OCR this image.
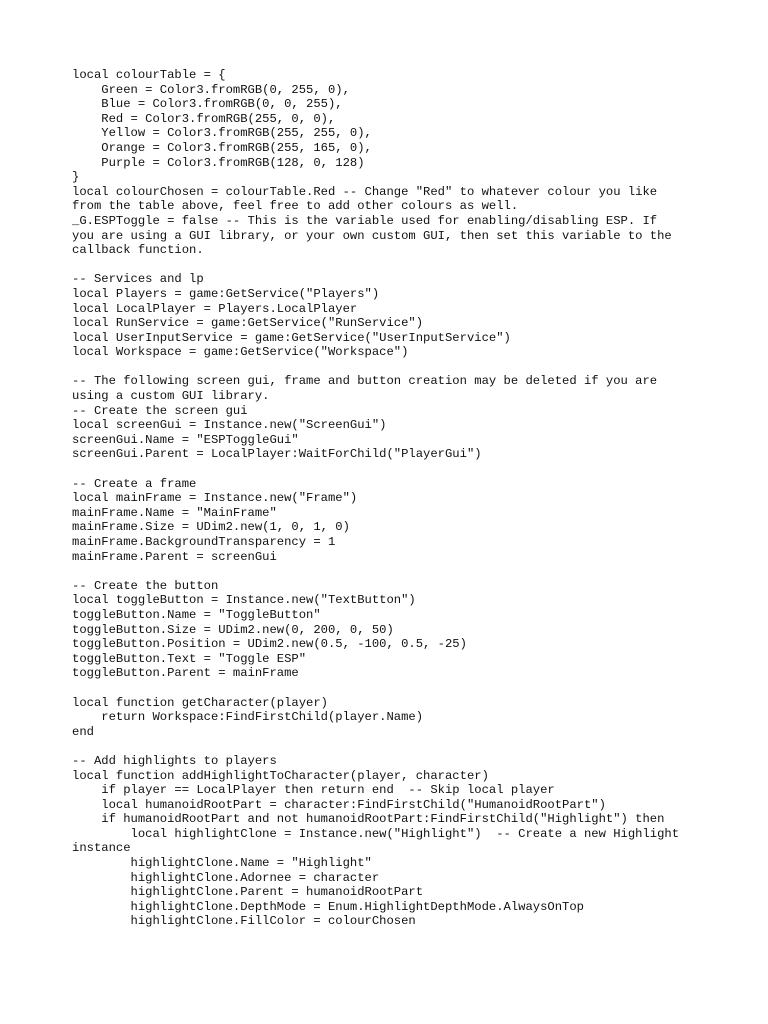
local colourTable = {
Green = Color3.fromRGB(0, 255, 0),
Blue = Color3.fromRGB(0, 0, 255),
Red = Color3.fromRGB(255, 0, 0),
Yellow = Color3.fromRGB(255, 255, 0),
Orange = Color3.fromRGB(255, 165, 0),
Purple = Color3.fromRGB(128, 0, 128)
}
local colourChosen = colourTable.Red -- Change "Red" to whatever colour you like
from the table above, feel free to add other colours as well.
_G.ESPToggle = false -- This is the variable used for enabling/disabling ESP. If
you are using a GUI library, or your own custom GUI, then set this variable to the
callback function.
-- Services and lp
local Players = game:GetService("Players")
local LocalPlayer = Players.LocalPlayer
local RunService = game:GetService("RunService")
local UserInputService = game:GetService("UserInputService")
local Workspace = game:GetService("Workspace")
-- The following screen gui, frame and button creation may be deleted if you are
using a custom GUI library.
-- Create the screen gui
local screenGui = Instance.new("ScreenGui")
screenGui.Name = "ESPToggleGui"
screenGui.Parent = LocalPlayer:WaitForChild("PlayerGui")
-- Create a frame
local mainFrame = Instance.new("Frame")
mainFrame.Name = "MainFrame"
mainFrame.Size = UDim2.new(1, 0, 1, 0)
mainFrame.BackgroundTransparency = 1
mainFrame.Parent = screenGui
-- Create the button
local toggleButton = Instance.new("TextButton")
toggleButton.Name = "ToggleButton"
toggleButton.Size = UDim2.new(0, 200, 0, 50)
toggleButton.Position = UDim2.new(0.5, -100, 0.5, -25)
toggleButton.Text = "Toggle ESP"
toggleButton.Parent = mainFrame
local function getCharacter(player)
return Workspace:FindFirstChild(player.Name)
end
-- Add highlights to players
local function addHighlightToCharacter(player, character)
if player == LocalPlayer then return end  -- Skip local player
local humanoidRootPart = character:FindFirstChild("HumanoidRootPart")
if humanoidRootPart and not humanoidRootPart:FindFirstChild("Highlight") then
local highlightClone = Instance.new("Highlight")  -- Create a new Highlight
instance
highlightClone.Name = "Highlight"
highlightClone.Adornee = character
highlightClone.Parent = humanoidRootPart
highlightClone.DepthMode = Enum.HighlightDepthMode.AlwaysOnTop
highlightClone.FillColor = colourChosen
